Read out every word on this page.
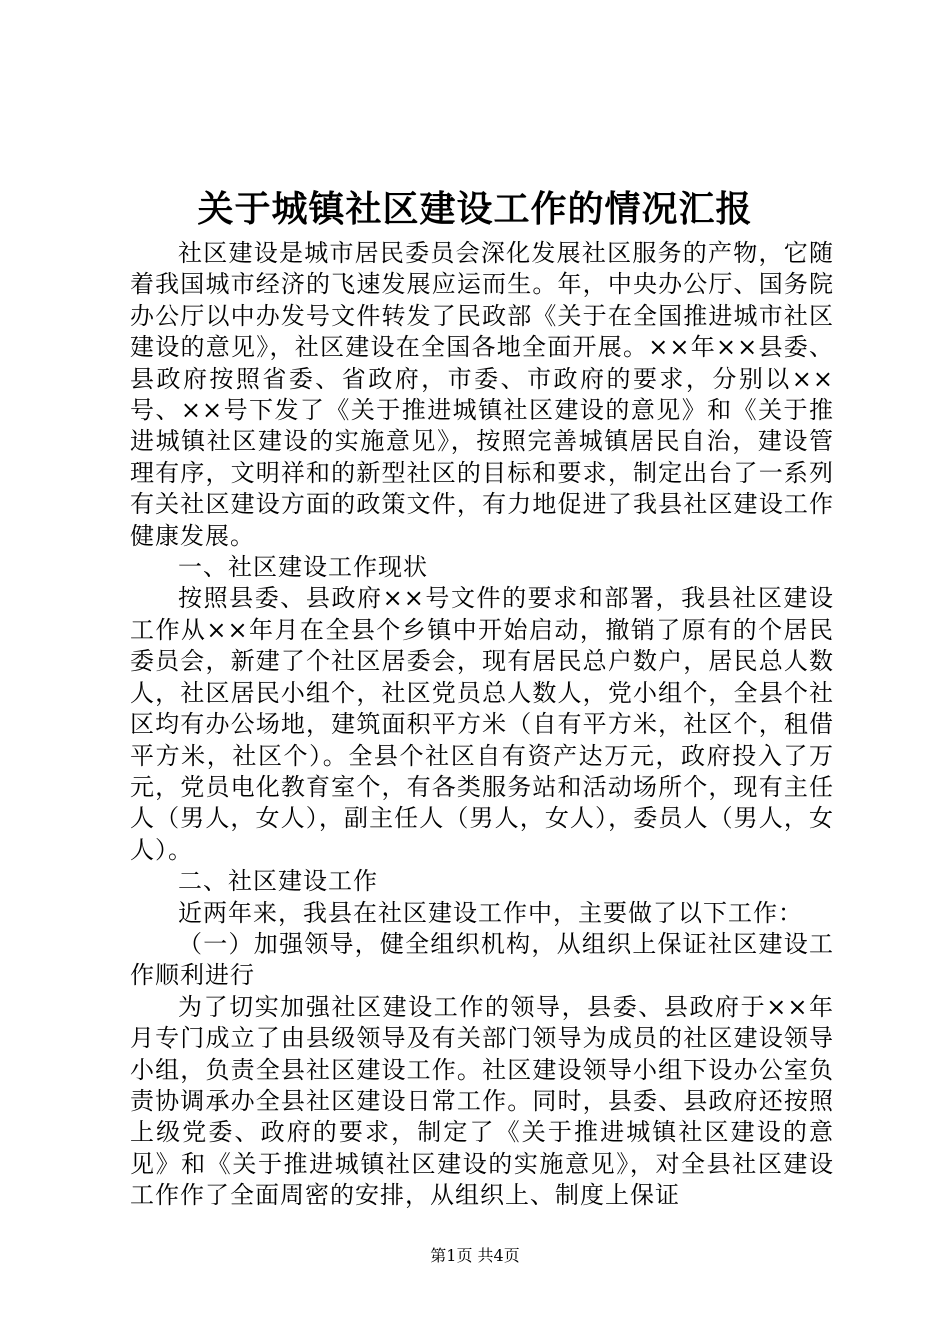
关于城镇社区建设工作的情况汇报

社区建设是城市居民委员会深化发展社区服务的产物，它随着我国城市经济的飞速发展应运而生。年，中央办公厅、国务院办公厅以中办发号文件转发了民政部《关于在全国推进城市社区建设的意见》，社区建设在全国各地全面开展。××年××县委、县政府按照省委、省政府，市委、市政府的要求，分别以××号、××号下发了《关于推进城镇社区建设的意见》和《关于推进城镇社区建设的实施意见》，按照完善城镇居民自治，建设管理有序，文明祥和的新型社区的目标和要求，制定出台了一系列有关社区建设方面的政策文件，有力地促进了我县社区建设工作健康发展。

一、社区建设工作现状

按照县委、县政府××号文件的要求和部署，我县社区建设工作从××年月在全县个乡镇中开始启动，撤销了原有的个居民委员会，新建了个社区居委会，现有居民总户数户，居民总人数人，社区居民小组个，社区党员总人数人，党小组个，全县个社区均有办公场地，建筑面积平方米（自有平方米，社区个，租借平方米，社区个）。全县个社区自有资产达万元，政府投入了万元，党员电化教育室个，有各类服务站和活动场所个，现有主任人（男人，女人），副主任人（男人，女人），委员人（男人，女人）。

二、社区建设工作

近两年来，我县在社区建设工作中，主要做了以下工作：

（一）加强领导，健全组织机构，从组织上保证社区建设工作顺利进行

为了切实加强社区建设工作的领导，县委、县政府于××年月专门成立了由县级领导及有关部门领导为成员的社区建设领导小组，负责全县社区建设工作。社区建设领导小组下设办公室负责协调承办全县社区建设日常工作。同时，县委、县政府还按照上级党委、政府的要求，制定了《关于推进城镇社区建设的意见》和《关于推进城镇社区建设的实施意见》，对全县社区建设工作作了全面周密的安排，从组织上、制度上保证

第1页 共4页
